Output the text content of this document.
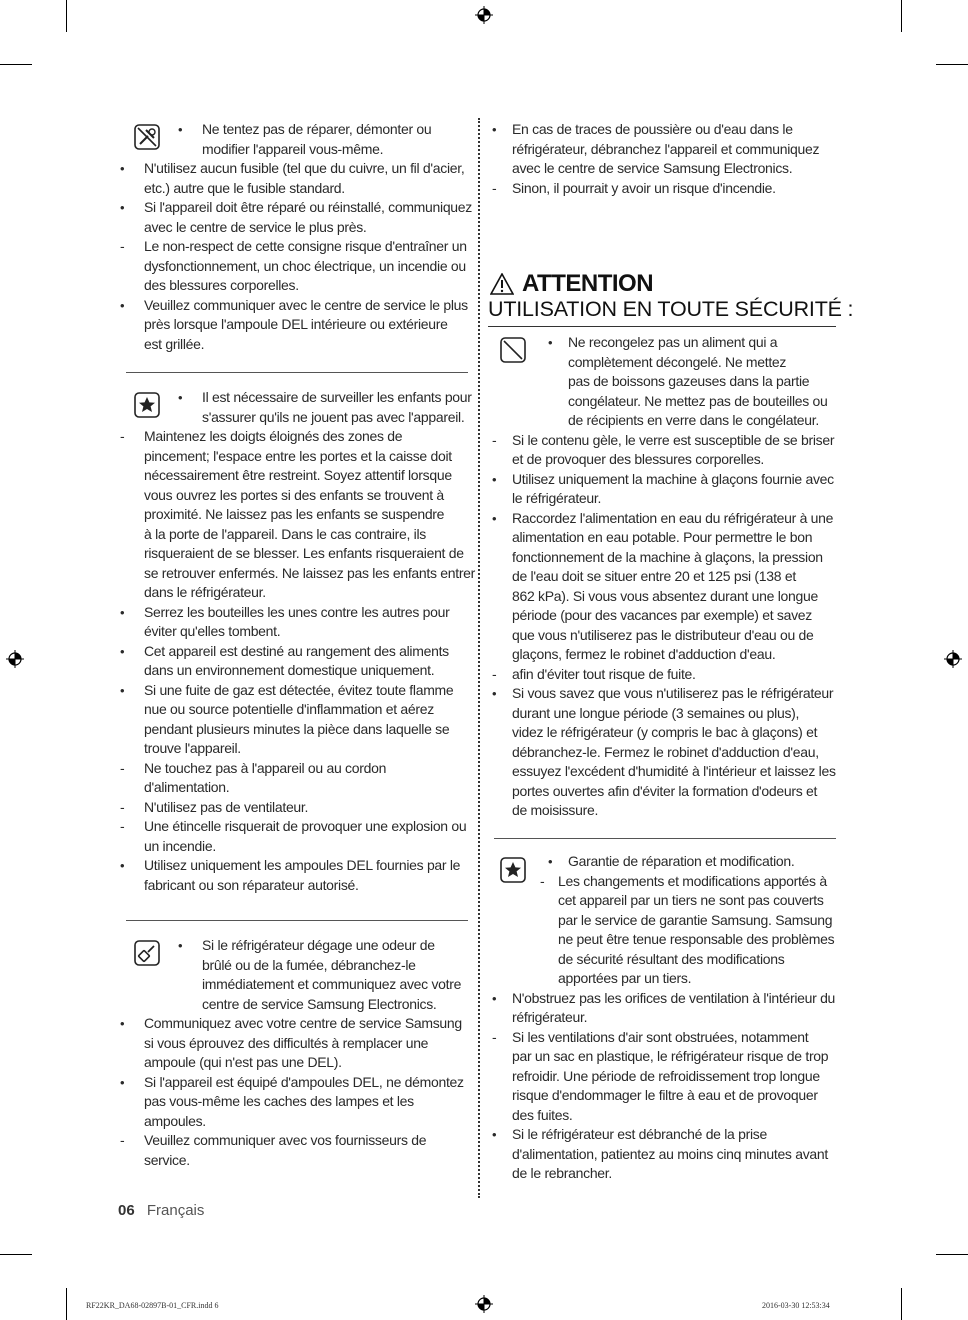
• Ne tentez pas de réparer, démonter ou
modifier l'appareil vous-même.
• N'utilisez aucun fusible (tel que du cuivre, un fil d'acier,
etc.) autre que le fusible standard.
• Si l'appareil doit être réparé ou réinstallé, communiquez
avec le centre de service le plus près.
- Le non-respect de cette consigne risque d'entraîner un
dysfonctionnement, un choc électrique, un incendie ou
des blessures corporelles.
• Veuillez communiquer avec le centre de service le plus
près lorsque l'ampoule DEL intérieure ou extérieure
est grillée.
• Il est nécessaire de surveiller les enfants pour
s'assurer qu'ils ne jouent pas avec l'appareil.
- Maintenez les doigts éloignés des zones de
pincement; l'espace entre les portes et la caisse doit
nécessairement être restreint. Soyez attentif lorsque
vous ouvrez les portes si des enfants se trouvent à
proximité. Ne laissez pas les enfants se suspendre
à la porte de l'appareil. Dans le cas contraire, ils
risqueraient de se blesser. Les enfants risqueraient de
se retrouver enfermés. Ne laissez pas les enfants entrer
dans le réfrigérateur.
• Serrez les bouteilles les unes contre les autres pour
éviter qu'elles tombent.
• Cet appareil est destiné au rangement des aliments
dans un environnement domestique uniquement.
• Si une fuite de gaz est détectée, évitez toute flamme
nue ou source potentielle d'inflammation et aérez
pendant plusieurs minutes la pièce dans laquelle se
trouve l'appareil.
- Ne touchez pas à l'appareil ou au cordon
d'alimentation.
- N'utilisez pas de ventilateur.
- Une étincelle risquerait de provoquer une explosion ou
un incendie.
• Utilisez uniquement les ampoules DEL fournies par le
fabricant ou son réparateur autorisé.
• Si le réfrigérateur dégage une odeur de
brûlé ou de la fumée, débranchez-le
immédiatement et communiquez avec votre
centre de service Samsung Electronics.
• Communiquez avec votre centre de service Samsung
si vous éprouvez des difficultés à remplacer une
ampoule (qui n'est pas une DEL).
• Si l'appareil est équipé d'ampoules DEL, ne démontez
pas vous-même les caches des lampes et les
ampoules.
- Veuillez communiquer avec vos fournisseurs de
service.
• En cas de traces de poussière ou d'eau dans le
réfrigérateur, débranchez l'appareil et communiquez
avec le centre de service Samsung Electronics.
- Sinon, il pourrait y avoir un risque d'incendie.
ATTENTION
UTILISATION EN TOUTE SÉCURITÉ :
• Ne recongelez pas un aliment qui a
complètement décongelé. Ne mettez
pas de boissons gazeuses dans la partie
congélateur. Ne mettez pas de bouteilles ou
de récipients en verre dans le congélateur.
- Si le contenu gèle, le verre est susceptible de se briser
et de provoquer des blessures corporelles.
• Utilisez uniquement la machine à glaçons fournie avec
le réfrigérateur.
• Raccordez l'alimentation en eau du réfrigérateur à une
alimentation en eau potable. Pour permettre le bon
fonctionnement de la machine à glaçons, la pression
de l'eau doit se situer entre 20 et 125 psi (138 et
862 kPa). Si vous vous absentez durant une longue
période (pour des vacances par exemple) et savez
que vous n'utiliserez pas le distributeur d'eau ou de
glaçons, fermez le robinet d'adduction d'eau.
- afin d'éviter tout risque de fuite.
• Si vous savez que vous n'utiliserez pas le réfrigérateur
durant une longue période (3 semaines ou plus),
videz le réfrigérateur (y compris le bac à glaçons) et
débranchez-le. Fermez le robinet d'adduction d'eau,
essuyez l'excédent d'humidité à l'intérieur et laissez les
portes ouvertes afin d'éviter la formation d'odeurs et
de moisissure.
• Garantie de réparation et modification.
- Les changements et modifications apportés à
cet appareil par un tiers ne sont pas couverts
par le service de garantie Samsung. Samsung
ne peut être tenue responsable des problèmes
de sécurité résultant des modifications
apportées par un tiers.
• N'obstruez pas les orifices de ventilation à l'intérieur du
réfrigérateur.
- Si les ventilations d'air sont obstruées, notamment
par un sac en plastique, le réfrigérateur risque de trop
refroidir. Une période de refroidissement trop longue
risque d'endommager le filtre à eau et de provoquer
des fuites.
• Si le réfrigérateur est débranché de la prise
d'alimentation, patientez au moins cinq minutes avant
de le rebrancher.
06 Français
RF22KR_DA68-02897B-01_CFR.indd 6	2016-03-30 12:53:34
